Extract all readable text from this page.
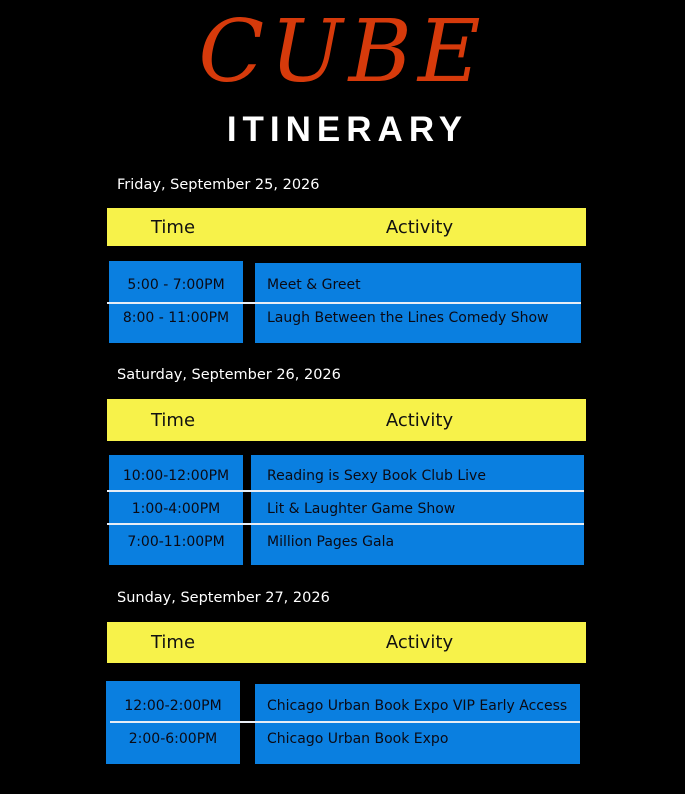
CUBE
ITINERARY
Friday, September 25, 2026
Time	Activity
5:00 - 7:00PM	Meet & Greet
8:00 - 11:00PM	Laugh Between the Lines Comedy Show
Saturday, September 26, 2026
Time	Activity
10:00-12:00PM	Reading is Sexy Book Club Live
1:00-4:00PM	Lit & Laughter Game Show
7:00-11:00PM	Million Pages Gala
Sunday, September 27, 2026
Time	Activity
12:00-2:00PM	Chicago Urban Book Expo VIP Early Access
2:00-6:00PM	Chicago Urban Book Expo
